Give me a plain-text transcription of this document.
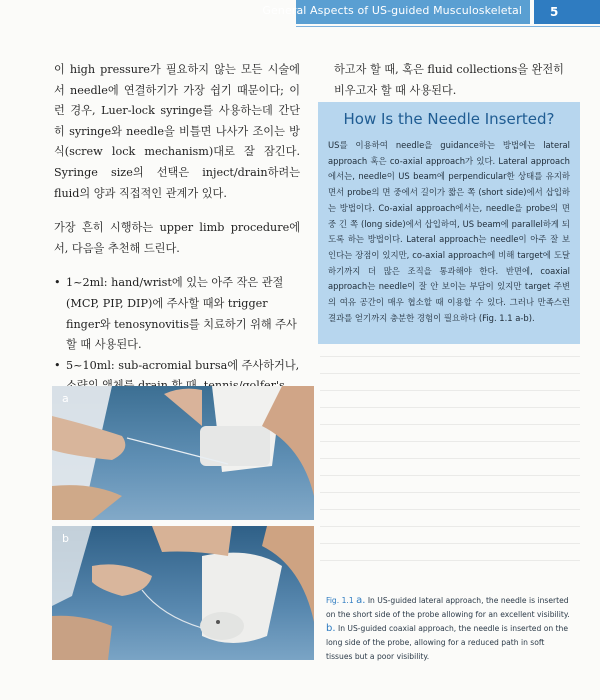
General Aspects of US-guided Musculoskeletal	5

이 high pressure가 필요하지 않는 모든 시술에서 needle에 연결하기가 가장 쉽기 때문이다; 이런 경우, Luer-lock syringe를 사용하는데 간단히 syringe와 needle을 비틀면 나사가 조이는 방식(screw lock mechanism)대로 잘 잠긴다. Syringe size의 선택은 inject/drain하려는 fluid의 양과 직접적인 관계가 있다.

가장 흔히 시행하는 upper limb procedure에서, 다음을 추천해 드린다.

• 1~2ml: hand/wrist에 있는 아주 작은 관절(MCP, PIP, DIP)에 주사할 때와 trigger finger와 tenosynovitis를 치료하기 위해 주사할 때 사용된다.
• 5~10ml: sub-acromial bursa에 주사하거나,
하고자 할 때, 혹은 fluid collections을 완전히 비우고자 할 때 사용된다.
How Is the Needle Inserted?
US를 이용하여 needle을 guidance하는 방법에는 lateral approach 혹은 co-axial approach가 있다. Lateral approach에서는, needle이 US beam에 perpendicular한 상태를 유지하면서 probe의 면 중에서 길이가 짧은 쪽 (short side)에서 삽입하는 방법이다. Co-axial approach에서는, needle을 probe의 면 중 긴 쪽 (long side)에서 삽입하여, US beam에 parallel하게 되도록 하는 방법이다. Lateral approach는 needle이 아주 잘 보인다는 장점이 있지만, co-axial approach에 비해 target에 도달하기까지 더 많은 조직을 통과해야 한다. 반면에, coaxial approach는 needle이 잘 안 보이는 부담이 있지만 target 주변의 여유 공간이 매우 협소할 때 이용할 수 있다. 그러나 만족스런 결과를 얻기까지 충분한 경험이 필요하다 (Fig. 1.1 a-b).
a
b
Fig. 1.1 a. In US-guided lateral approach, the needle is inserted on the short side of the probe allowing for an excellent visibility. b. In US-guided coaxial approach, the needle is inserted on the long side of the probe, allowing for a reduced path in soft tissues but a poor visibility.
